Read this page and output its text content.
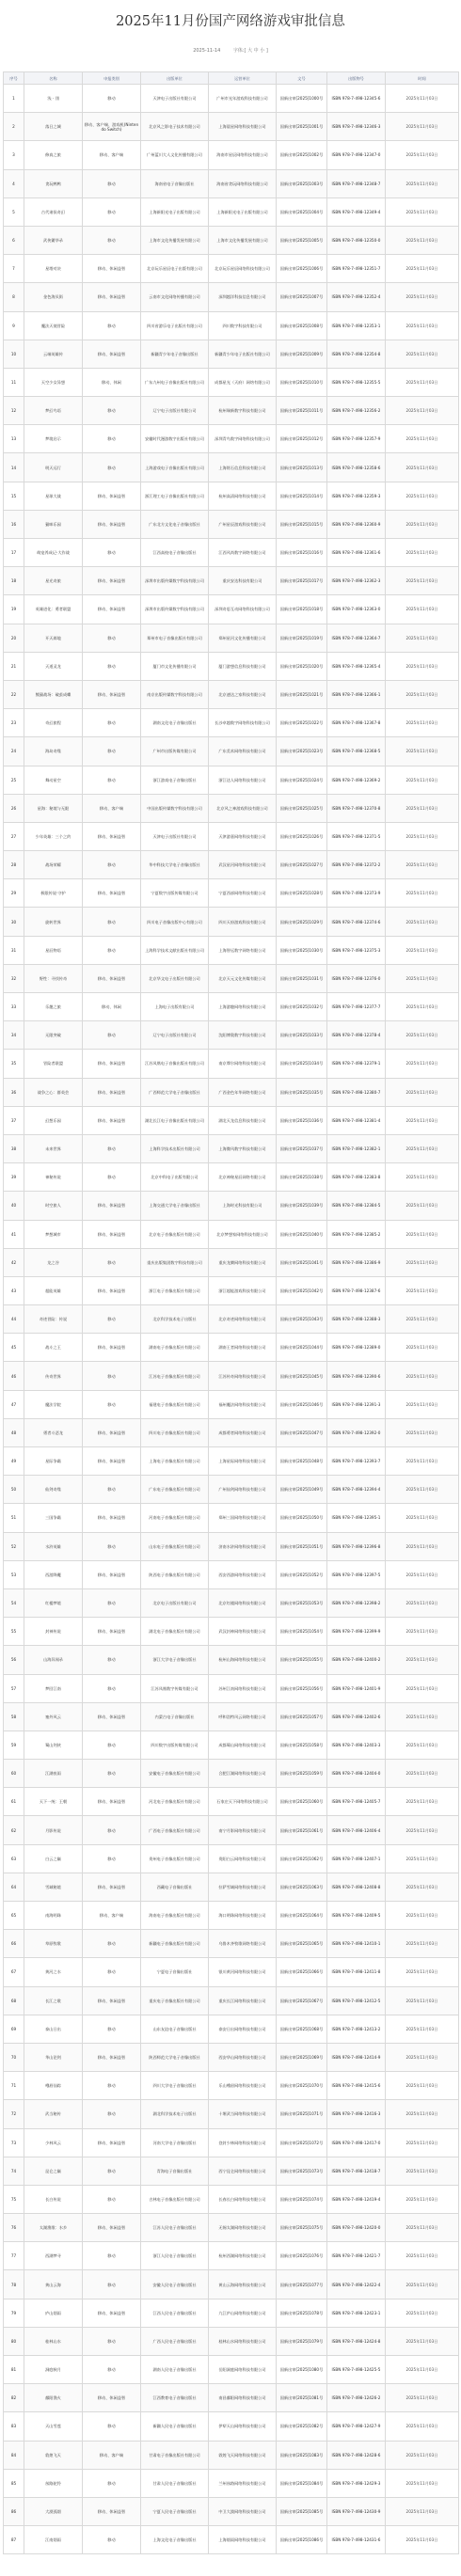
2025年11月份国产网络游戏审批信息
2025-11-14	字体:[ 大 中 小 ]
序号	名称	申报类别	出版单位	运营单位	文号	出版物号	时间
1	浅 · 翎	移动	天津电子出版社有限公司	广州市光年游戏科技有限公司	国新出审[2025]1000号	ISBN 978-7-498-12345-6	2025年11月03日
2	落日之城	移动、客户端、游戏机(Nintendo Switch)	北京风之影电子技术有限公司	上海晨星网络科技有限公司	国新出审[2025]1001号	ISBN 978-7-498-12346-3	2025年11月03日
3	修真之旅	移动、客户端	广州蓝川大人文化传播有限公司	海南市星辰网络科技有限公司	国新出审[2025]1002号	ISBN 978-7-498-12347-0	2025年11月03日
4	贪玩鸭鸭	移动	海南省电子音像出版社	海南省贪玩网络科技有限公司	国新出审[2025]1003号	ISBN 978-7-498-12348-7	2025年11月03日
5	古代诸侯奇幻	移动	上海新阳光电子出版有限公司	上海新阳光电子出版有限公司	国新出审[2025]1004号	ISBN 978-7-498-12349-4	2025年11月03日
6	武侠繁华录	移动	上海市文化传播发展有限公司	上海市文化传播发展有限公司	国新出审[2025]1005号	ISBN 978-7-498-12350-0	2025年11月03日
7	星塔对决	移动、休闲益智	北京玩乐星辰电子出版有限公司	北京玩乐星辰网络科技有限公司	国新出审[2025]1006号	ISBN 978-7-498-12351-7	2025年11月03日
8	金色海贝街	移动、休闲益智	云南市文化网络传播有限公司	深圳越洋科技信息有限公司	国新出审[2025]1007号	ISBN 978-7-498-12352-4	2025年11月03日
9	魔法天使冒险	移动	四川省游乐电子出版社有限公司	四川数字科技有限公司	国新出审[2025]1008号	ISBN 978-7-498-12353-1	2025年11月03日
10	云端英雄传	移动、休闲益智	新疆青少年电子音像出版社	新疆青少年电子出版社有限公司	国新出审[2025]1009号	ISBN 978-7-498-12354-8	2025年11月03日
11	天空少女异想	移动、休闲	广东九州电子音像出版社有限公司	成都星光（天府）网络有限公司	国新出审[2025]1010号	ISBN 978-7-498-12355-5	2025年11月03日
12	梦幻鸟语	移动	辽宁电子出版社有限公司	杭州瑞新数字科技有限公司	国新出审[2025]1011号	ISBN 978-7-498-12356-2	2025年11月03日
13	梦境启示	移动	安徽时代漫游数字出版社有限公司	深圳青鸟数字网络科技有限公司	国新出审[2025]1012号	ISBN 978-7-498-12357-9	2025年11月03日
14	明天远行	移动	上海游戏电子音像出版社有限公司	上海铭石信息科技有限公司	国新出审[2025]1013号	ISBN 978-7-498-12358-6	2025年11月03日
15	星球大战	移动、休闲益智	浙江理工电子音像出版社有限公司	杭州高清网络科技有限公司	国新出审[2025]1014号	ISBN 978-7-498-12359-3	2025年11月03日
16	猫咪乐园	移动、休闲益智	广东北方文化电子音像出版社	广州星辰游戏科技有限公司	国新出审[2025]1015号	ISBN 978-7-498-12360-9	2025年11月03日
17	萌宠养成记·大作战	移动	江西高校电子音像出版社	江西风尚数字网络有限公司	国新出审[2025]1016号	ISBN 978-7-498-12361-6	2025年11月03日
18	星光奇旅	移动、休闲益智	深圳市出版传媒数字科技有限公司	重庆安达科技有限公司	国新出审[2025]1017号	ISBN 978-7-498-12362-3	2025年11月03日
19	英雄进化：勇者联盟	移动、休闲益智	深圳市出版传媒数字科技有限公司	深圳奇思互动网络科技有限公司	国新出审[2025]1018号	ISBN 978-7-498-12363-0	2025年11月03日
20	开天辟地	移动	郑州市电子音像出版社有限公司	郑州星河文化传播有限公司	国新出审[2025]1019号	ISBN 978-7-498-12364-7	2025年11月03日
21	天道灵龙	移动	厦门市文化传播有限公司	厦门游想信息科技有限公司	国新出审[2025]1020号	ISBN 978-7-498-12365-4	2025年11月03日
22	熊猫战场：破茧成蝶	移动、休闲益智	南京出版传媒数字科技有限公司	北京速达之家科技有限公司	国新出审[2025]1021号	ISBN 978-7-498-12366-1	2025年11月03日
23	奇幻旅程	移动	湖南文化电子音像出版社	长沙卓越数字网络科技有限公司	国新出审[2025]1022号	ISBN 978-7-498-12367-8	2025年11月03日
24	海岛奇缘	移动	广州市出版传媒有限公司	广东美术网络科技有限公司	国新出审[2025]1023号	ISBN 978-7-498-12368-5	2025年11月03日
25	舞动星空	移动	浙江游戏电子音像出版社	浙江达人网络科技有限公司	国新出审[2025]1024号	ISBN 978-7-498-12369-2	2025年11月03日
26	星海：秘境与无限	移动、客户端	中国出版传媒数字科技有限公司	北京风之神游戏科技有限公司	国新出审[2025]1025号	ISBN 978-7-498-12370-8	2025年11月03日
27	少年英雄：三个之约	移动、休闲益智	天津电子出版社有限公司	天津游嘉网络科技有限公司	国新出审[2025]1026号	ISBN 978-7-498-12371-5	2025年11月03日
28	战场荣耀	移动	华中科技大学电子音像出版社	武汉星河网络科技有限公司	国新出审[2025]1027号	ISBN 978-7-498-12372-2	2025年11月03日
29	极限传说·守护	移动、休闲益智	宁夏数字出版传媒有限公司	宁夏西部网络科技有限公司	国新出审[2025]1028号	ISBN 978-7-498-12373-9	2025年11月03日
30	旋转世界	移动	四川电子音像出版中心有限公司	四川天府游戏科技有限公司	国新出审[2025]1029号	ISBN 978-7-498-12374-6	2025年11月03日
31	星辰物语	移动	上海科学技术文献出版社有限公司	上海智远数字网络有限公司	国新出审[2025]1030号	ISBN 978-7-498-12375-3	2025年11月03日
32	野性：寻找传奇	移动、休闲益智	北京华文电子出版社有限公司	北京天元文化传媒有限公司	国新出审[2025]1031号	ISBN 978-7-498-12376-0	2025年11月03日
33	乐趣之旅	移动、休闲	上海电子出版有限公司	上海游趣网络科技有限公司	国新出审[2025]1032号	ISBN 978-7-498-12377-7	2025年11月03日
34	无限突破	移动	辽宁电子出版社有限公司	沈阳博奥数字科技有限公司	国新出审[2025]1033号	ISBN 978-7-498-12378-4	2025年11月03日
35	冒险者联盟	移动、休闲益智	江苏凤凰电子音像出版社有限公司	南京摩尔网络科技有限公司	国新出审[2025]1034号	ISBN 978-7-498-12379-1	2025年11月03日
36	战争之心：群英会	移动、休闲益智	广西师范大学电子音像出版社	广西金色年华网络有限公司	国新出审[2025]1035号	ISBN 978-7-498-12380-7	2025年11月03日
37	幻想乐园	移动、休闲益智	湖北长江电子音像出版社有限公司	湖北天龙信息科技有限公司	国新出审[2025]1036号	ISBN 978-7-498-12381-4	2025年11月03日
38	未来世界	移动	上海科学技术出版社有限公司	上海微风数字科技有限公司	国新出审[2025]1037号	ISBN 978-7-498-12382-1	2025年11月03日
39	神秘传说	移动	北京中科电子出版有限公司	北京神秘星辰网络有限公司	国新出审[2025]1038号	ISBN 978-7-498-12383-8	2025年11月03日
40	时空旅人	移动、休闲益智	上海交通大学电子音像出版社	上海时光科技有限公司	国新出审[2025]1039号	ISBN 978-7-498-12384-5	2025年11月03日
41	梦想城市	移动、休闲益智	北京电子音像出版社有限公司	北京梦想家网络科技有限公司	国新出审[2025]1040号	ISBN 978-7-498-12385-2	2025年11月03日
42	龙之谷	移动	重庆出版集团数字科技有限公司	重庆龙腾网络科技有限公司	国新出审[2025]1041号	ISBN 978-7-498-12386-9	2025年11月03日
43	超能英雄	移动、休闲益智	浙江电子音像出版社有限公司	浙江超能游戏科技有限公司	国新出审[2025]1042号	ISBN 978-7-498-12387-6	2025年11月03日
44	奇迹冒险：传说	移动	北京科学技术电子出版社	北京奇迹网络科技有限公司	国新出审[2025]1043号	ISBN 978-7-498-12388-3	2025年11月03日
45	战斗之王	移动、休闲益智	湖南电子音像出版社有限公司	湖南王者网络科技有限公司	国新出审[2025]1044号	ISBN 978-7-498-12389-0	2025年11月03日
46	传奇世界	移动	江苏电子音像出版社有限公司	江苏传奇网络科技有限公司	国新出审[2025]1045号	ISBN 978-7-498-12390-6	2025年11月03日
47	魔法学院	移动	福建电子音像出版社有限公司	福州魔法网络科技有限公司	国新出审[2025]1046号	ISBN 978-7-498-12391-3	2025年11月03日
48	勇者斗恶龙	移动、休闲益智	四川电子音像出版社有限公司	成都勇者网络科技有限公司	国新出审[2025]1047号	ISBN 978-7-498-12392-0	2025年11月03日
49	星际争霸	移动、休闲益智	上海电子音像出版社有限公司	上海星际网络科技有限公司	国新出审[2025]1048号	ISBN 978-7-498-12393-7	2025年11月03日
50	仙剑奇缘	移动	广东电子音像出版社有限公司	广州仙剑网络科技有限公司	国新出审[2025]1049号	ISBN 978-7-498-12394-4	2025年11月03日
51	三国争霸	移动、休闲益智	河南电子音像出版社有限公司	郑州三国网络科技有限公司	国新出审[2025]1050号	ISBN 978-7-498-12395-1	2025年11月03日
52	水浒英雄	移动	山东电子音像出版社有限公司	济南水浒网络科技有限公司	国新出审[2025]1051号	ISBN 978-7-498-12396-8	2025年11月03日
53	西游降魔	移动、休闲益智	陕西电子音像出版社有限公司	西安西游网络科技有限公司	国新出审[2025]1052号	ISBN 978-7-498-12397-5	2025年11月03日
54	红楼梦境	移动	北京电子出版社有限公司	北京红楼网络科技有限公司	国新出审[2025]1053号	ISBN 978-7-498-12398-2	2025年11月03日
55	封神传说	移动、休闲益智	湖北电子音像出版社有限公司	武汉封神网络科技有限公司	国新出审[2025]1054号	ISBN 978-7-498-12399-9	2025年11月03日
56	山海异闻录	移动	浙江大学电子音像出版社	杭州山海网络科技有限公司	国新出审[2025]1055号	ISBN 978-7-498-12400-2	2025年11月03日
57	梦回江南	移动	江苏凤凰数字传媒有限公司	苏州江南网络科技有限公司	国新出审[2025]1056号	ISBN 978-7-498-12401-9	2025年11月03日
58	塞外风云	移动、休闲益智	内蒙古电子音像出版社	呼和浩特风云网络有限公司	国新出审[2025]1057号	ISBN 978-7-498-12402-6	2025年11月03日
59	蜀山剑侠	移动	四川数字出版传媒有限公司	成都蜀山网络科技有限公司	国新出审[2025]1058号	ISBN 978-7-498-12403-3	2025年11月03日
60	江湖夜雨	移动	安徽电子音像出版社有限公司	合肥江湖网络科技有限公司	国新出审[2025]1059号	ISBN 978-7-498-12404-0	2025年11月03日
61	天下一统：王朝	移动、休闲益智	河北电子音像出版社有限公司	石家庄天下网络科技有限公司	国新出审[2025]1060号	ISBN 978-7-498-12405-7	2025年11月03日
62	月影传说	移动	广西电子音像出版社有限公司	南宁月影网络科技有限公司	国新出审[2025]1061号	ISBN 978-7-498-12406-4	2025年11月03日
63	白云之巅	移动	贵州电子音像出版社有限公司	贵阳白云网络科技有限公司	国新出审[2025]1062号	ISBN 978-7-498-12407-1	2025年11月03日
64	雪域秘境	移动、休闲益智	西藏电子音像出版社	拉萨雪域网络科技有限公司	国新出审[2025]1063号	ISBN 978-7-498-12408-8	2025年11月03日
65	南海明珠	移动、客户端	海南电子音像出版社有限公司	海口明珠网络科技有限公司	国新出审[2025]1064号	ISBN 978-7-498-12409-5	2025年11月03日
66	草原牧歌	移动	新疆电子音像出版社有限公司	乌鲁木齐牧歌网络有限公司	国新出审[2025]1065号	ISBN 978-7-498-12410-1	2025年11月03日
67	黄河之水	移动	宁夏电子音像出版社	银川黄河网络科技有限公司	国新出审[2025]1066号	ISBN 978-7-498-12411-8	2025年11月03日
68	长江之歌	移动、休闲益智	重庆电子音像出版社有限公司	重庆长江网络科技有限公司	国新出审[2025]1067号	ISBN 978-7-498-12412-5	2025年11月03日
69	泰山日出	移动	山东友谊电子音像出版社	泰安日出网络科技有限公司	国新出审[2025]1068号	ISBN 978-7-498-12413-2	2025年11月03日
70	华山论剑	移动、休闲益智	陕西师范大学电子音像出版社	西安华山网络科技有限公司	国新出审[2025]1069号	ISBN 978-7-498-12414-9	2025年11月03日
71	峨眉仙踪	移动	四川大学电子音像出版社	乐山峨眉网络科技有限公司	国新出审[2025]1070号	ISBN 978-7-498-12415-6	2025年11月03日
72	武当秘传	移动	湖北科学技术电子出版社	十堰武当网络科技有限公司	国新出审[2025]1071号	ISBN 978-7-498-12416-3	2025年11月03日
73	少林风云	移动、休闲益智	河南大学电子音像出版社	登封少林网络科技有限公司	国新出审[2025]1072号	ISBN 978-7-498-12417-0	2025年11月03日
74	昆仑之巅	移动	青海电子音像出版社	西宁昆仑网络科技有限公司	国新出审[2025]1073号	ISBN 978-7-498-12418-7	2025年11月03日
75	长白传说	移动	吉林电子音像出版社有限公司	长春长白网络科技有限公司	国新出审[2025]1074号	ISBN 978-7-498-12419-4	2025年11月03日
76	太湖渔歌：水乡	移动、休闲益智	江苏人民电子音像出版社	无锡太湖网络科技有限公司	国新出审[2025]1075号	ISBN 978-7-498-12420-0	2025年11月03日
77	西湖梦寻	移动	浙江人民电子音像出版社	杭州西湖网络科技有限公司	国新出审[2025]1076号	ISBN 978-7-498-12421-7	2025年11月03日
78	黄山云海	移动	安徽人民电子音像出版社	黄山云海网络科技有限公司	国新出审[2025]1077号	ISBN 978-7-498-12422-4	2025年11月03日
79	庐山烟雨	移动、休闲益智	江西人民电子音像出版社	九江庐山网络科技有限公司	国新出审[2025]1078号	ISBN 978-7-498-12423-1	2025年11月03日
80	桂林山水	移动	广西人民电子音像出版社	桂林山水网络科技有限公司	国新出审[2025]1079号	ISBN 978-7-498-12424-8	2025年11月03日
81	洞庭秋月	移动	湖南人民电子音像出版社	岳阳洞庭网络科技有限公司	国新出审[2025]1080号	ISBN 978-7-498-12425-5	2025年11月03日
82	鄱阳渔火	移动、休闲益智	江西教育电子音像出版社	南昌鄱阳网络科技有限公司	国新出审[2025]1081号	ISBN 978-7-498-12426-2	2025年11月03日
83	天山雪莲	移动	新疆人民电子音像出版社	伊犁天山网络科技有限公司	国新出审[2025]1082号	ISBN 978-7-498-12427-9	2025年11月03日
84	敦煌飞天	移动、客户端	甘肃电子音像出版社有限公司	敦煌飞天网络科技有限公司	国新出审[2025]1083号	ISBN 978-7-498-12428-6	2025年11月03日
85	丝路驼铃	移动	甘肃人民电子音像出版社	兰州丝路网络科技有限公司	国新出审[2025]1084号	ISBN 978-7-498-12429-3	2025年11月03日
86	大漠孤烟	移动、休闲益智	宁夏人民电子音像出版社	中卫大漠网络科技有限公司	国新出审[2025]1085号	ISBN 978-7-498-12430-9	2025年11月03日
87	江南烟雨	移动	上海文化电子音像出版社	上海烟雨网络科技有限公司	国新出审[2025]1086号	ISBN 978-7-498-12431-6	2025年11月03日
